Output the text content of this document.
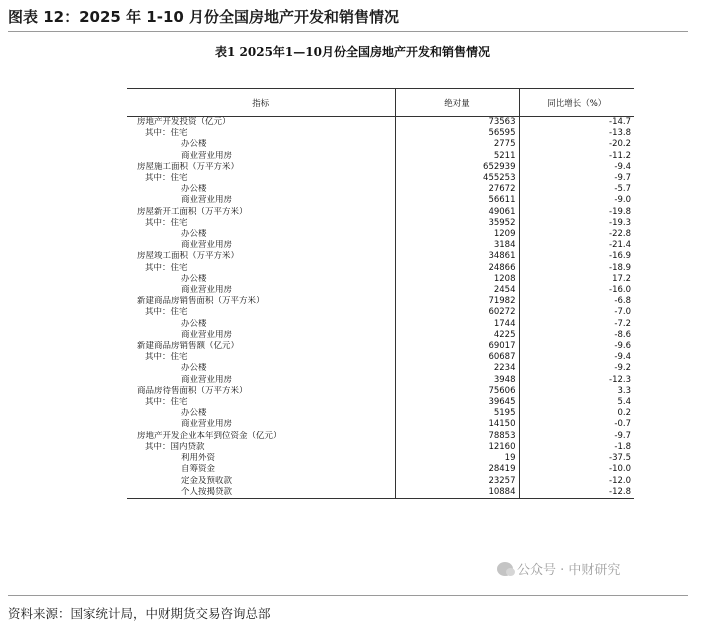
图表 12：2025 年 1-10 月份全国房地产开发和销售情况
表1 2025年1—10月份全国房地产开发和销售情况
指标	绝对量	同比增长（%）
房地产开发投资（亿元）	73563	-14.7
其中：住宅	56595	-13.8
办公楼	2775	-20.2
商业营业用房	5211	-11.2
房屋施工面积（万平方米）	652939	-9.4
其中：住宅	455253	-9.7
办公楼	27672	-5.7
商业营业用房	56611	-9.0
房屋新开工面积（万平方米）	49061	-19.8
其中：住宅	35952	-19.3
办公楼	1209	-22.8
商业营业用房	3184	-21.4
房屋竣工面积（万平方米）	34861	-16.9
其中：住宅	24866	-18.9
办公楼	1208	17.2
商业营业用房	2454	-16.0
新建商品房销售面积（万平方米）	71982	-6.8
其中：住宅	60272	-7.0
办公楼	1744	-7.2
商业营业用房	4225	-8.6
新建商品房销售额（亿元）	69017	-9.6
其中：住宅	60687	-9.4
办公楼	2234	-9.2
商业营业用房	3948	-12.3
商品房待售面积（万平方米）	75606	3.3
其中：住宅	39645	5.4
办公楼	5195	0.2
商业营业用房	14150	-0.7
房地产开发企业本年到位资金（亿元）	78853	-9.7
其中：国内贷款	12160	-1.8
利用外资	19	-37.5
自筹资金	28419	-10.0
定金及预收款	23257	-12.0
个人按揭贷款	10884	-12.8
公众号 · 中财研究
资料来源：国家统计局，中财期货交易咨询总部
